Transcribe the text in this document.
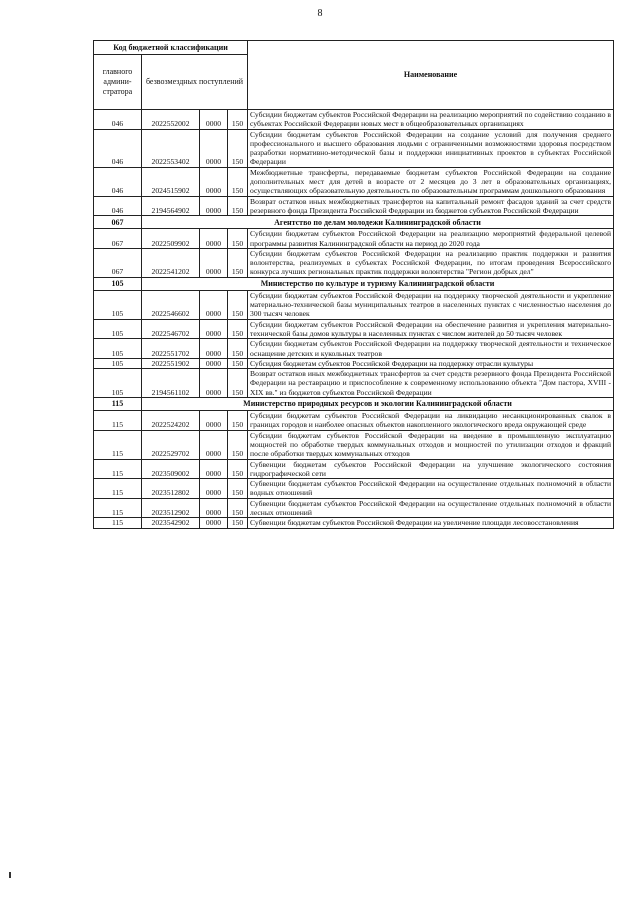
8
Код бюджетной классификации				Наименование
главного админи-стратора	безвозмездных поступлений			
046	2022552002	0000	150	Субсидии бюджетам субъектов Российской Федерации на реализацию мероприятий по содействию созданию в субъектах Российской Федерации новых мест в общеобразовательных организациях
046	2022553402	0000	150	Субсидии бюджетам субъектов Российской Федерации на создание условий для получения среднего профессионального и высшего образования людьми с ограниченными возможностями здоровья посредством разработки нормативно-методической базы и поддержки инициативных проектов в субъектах Российской Федерации
046	2024515902	0000	150	Межбюджетные трансферты, передаваемые бюджетам субъектов Российской Федерации на создание дополнительных мест для детей в возрасте от 2 месяцев до 3 лет в образовательных организациях, осуществляющих образовательную деятельность по образовательным программам дошкольного образования
046	2194564902	0000	150	Возврат остатков иных межбюджетных трансфертов на капитальный ремонт фасадов зданий за счет средств резервного фонда Президента Российской Федерации из бюджетов субъектов Российской Федерации
067	Агентство по делам молодежи Калининградской области			
067	2022509902	0000	150	Субсидии бюджетам субъектов Российской Федерации на реализацию мероприятий федеральной целевой программы развития Калининградской области на период до 2020 года
067	2022541202	0000	150	Субсидии бюджетам субъектов Российской Федерации на реализацию практик поддержки и развития волонтерства, реализуемых в субъектах Российской Федерации, по итогам проведения Всероссийского конкурса лучших региональных практик поддержки волонтерства "Регион добрых дел"
105	Министерство по культуре и туризму Калининградской области			
105	2022546602	0000	150	Субсидии бюджетам субъектов Российской Федерации на поддержку творческой деятельности и укрепление материально-технической базы муниципальных театров в населенных пунктах с численностью населения до 300 тысяч человек
105	2022546702	0000	150	Субсидии бюджетам субъектов Российской Федерации на обеспечение развития и укрепления материально-технической базы домов культуры в населенных пунктах с числом жителей до 50 тысяч человек
105	2022551702	0000	150	Субсидии бюджетам субъектов Российской Федерации на поддержку творческой деятельности и техническое оснащение детских и кукольных театров
105	2022551902	0000	150	Субсидия бюджетам субъектов Российской Федерации на поддержку отрасли культуры
105	2194561102	0000	150	Возврат остатков иных межбюджетных трансфертов за счет средств резервного фонда Президента Российской Федерации на реставрацию и приспособление к современному использованию объекта "Дом пастора, XVIII - XIX вв." из бюджетов субъектов Российской Федерации
115	Министерство природных ресурсов и экологии Калининградской области			
115	2022524202	0000	150	Субсидии бюджетам субъектов Российской Федерации на ликвидацию несанкционированных свалок в границах городов и наиболее опасных объектов накопленного экологического вреда окружающей среде
115	2022529702	0000	150	Субсидии бюджетам субъектов Российской Федерации на введение в промышленную эксплуатацию мощностей по обработке твердых коммунальных отходов и мощностей по утилизации отходов и фракций после обработки твердых коммунальных отходов
115	2023509002	0000	150	Субвенции бюджетам субъектов Российской Федерации на улучшение экологического состояния гидрографической сети
115	2023512802	0000	150	Субвенции бюджетам субъектов Российской Федерации на осуществление отдельных полномочий в области водных отношений
115	2023512902	0000	150	Субвенции бюджетам субъектов Российской Федерации на осуществление отдельных полномочий в области лесных отношений
115	2023542902	0000	150	Субвенции бюджетам субъектов Российской Федерации на увеличение площади лесовосстановления
